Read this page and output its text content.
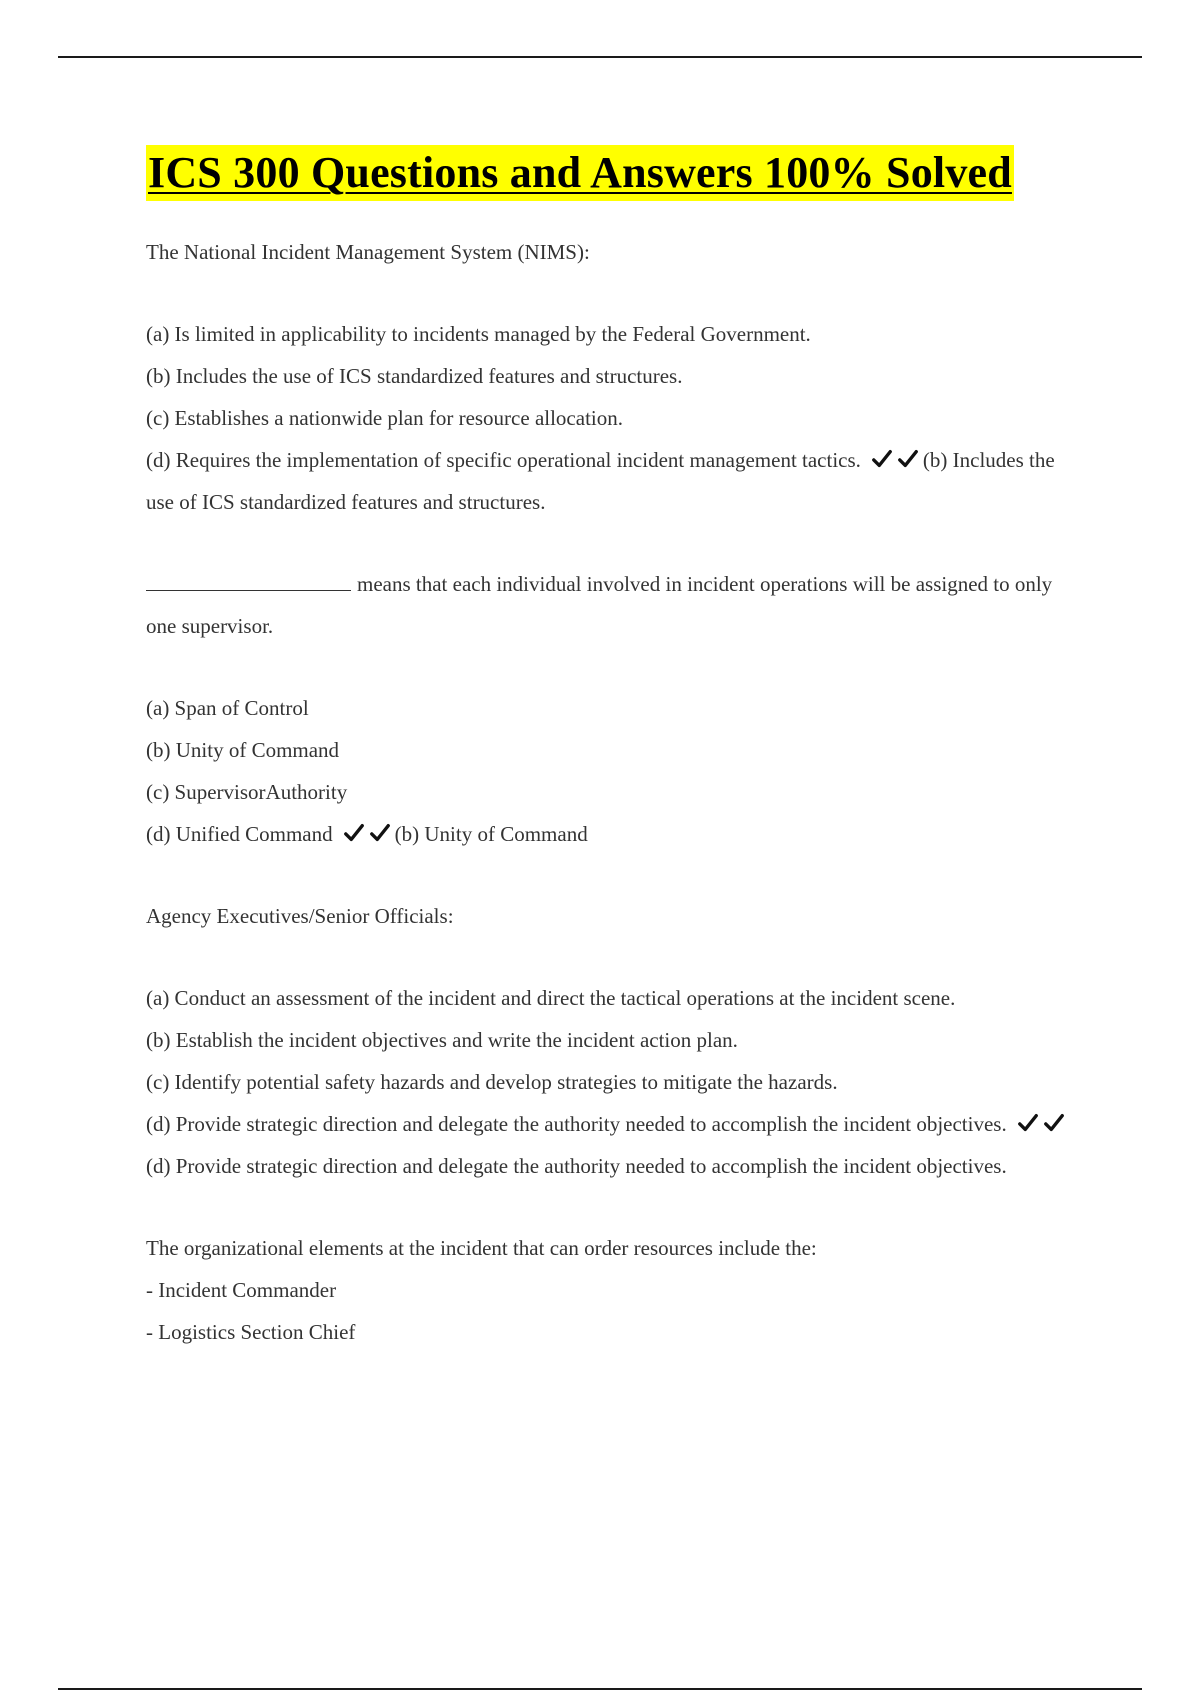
ICS 300 Questions and Answers 100% Solved

The National Incident Management System (NIMS):

(a) Is limited in applicability to incidents managed by the Federal Government.

(b) Includes the use of ICS standardized features and structures.

(c) Establishes a nationwide plan for resource allocation.

(d) Requires the implementation of specific operational incident management tactics.	(b) Includes the use of ICS standardized features and structures.

means that each individual involved in incident operations will be assigned to only one supervisor.

(a) Span of Control

(b) Unity of Command

(c) SupervisorAuthority

(d) Unified Command	(b) Unity of Command

Agency Executives/Senior Officials:

(a) Conduct an assessment of the incident and direct the tactical operations at the incident scene.

(b) Establish the incident objectives and write the incident action plan.

(c) Identify potential safety hazards and develop strategies to mitigate the hazards.

(d) Provide strategic direction and delegate the authority needed to accomplish the incident objectives.
(d) Provide strategic direction and delegate the authority needed to accomplish the incident objectives.

The organizational elements at the incident that can order resources include the:

- Incident Commander

- Logistics Section Chief
